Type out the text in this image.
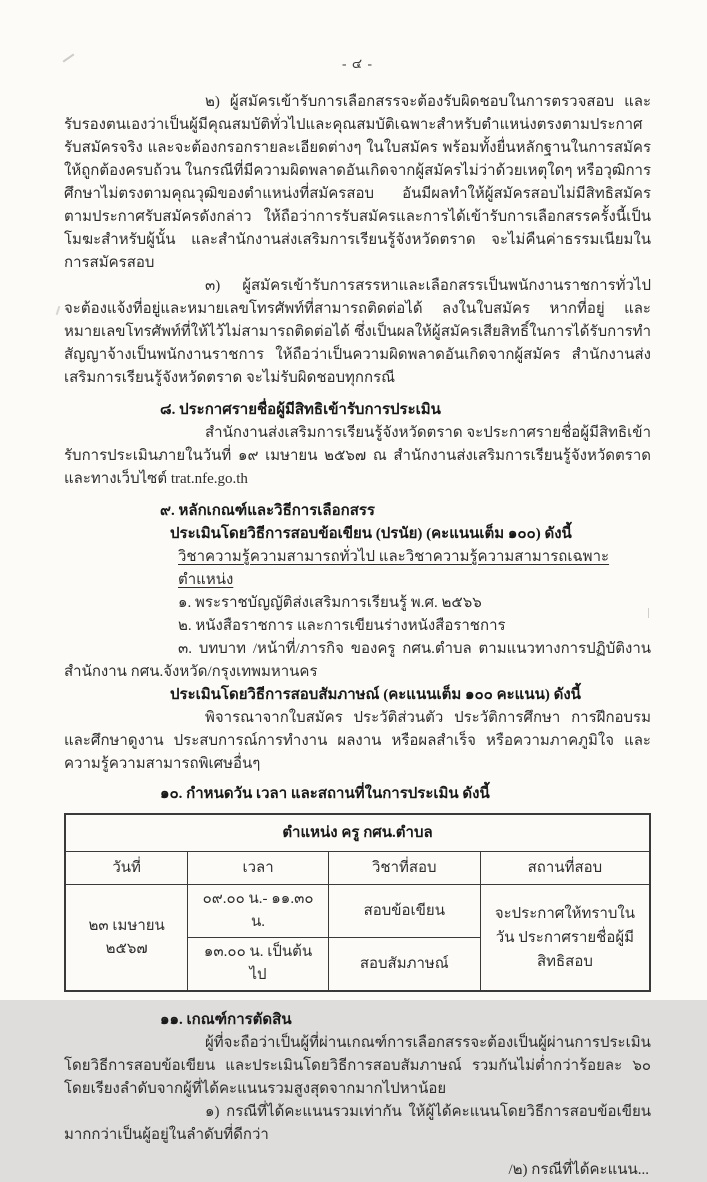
- ๔ -

๒) ผู้สมัครเข้ารับการเลือกสรรจะต้องรับผิดชอบในการตรวจสอบ และรับรองตนเองว่าเป็นผู้มีคุณสมบัติทั่วไปและคุณสมบัติเฉพาะสำหรับตำแหน่งตรงตามประกาศรับสมัครจริง และจะต้องกรอกรายละเอียดต่างๆ ในใบสมัคร พร้อมทั้งยื่นหลักฐานในการสมัครให้ถูกต้องครบถ้วน ในกรณีที่มีความผิดพลาดอันเกิดจากผู้สมัครไม่ว่าด้วยเหตุใดๆ หรือวุฒิการศึกษาไม่ตรงตามคุณวุฒิของตำแหน่งที่สมัครสอบ อันมีผลทำให้ผู้สมัครสอบไม่มีสิทธิสมัครตามประกาศรับสมัครดังกล่าว ให้ถือว่าการรับสมัครและการได้เข้ารับการเลือกสรรครั้งนี้เป็นโมฆะสำหรับผู้นั้น และสำนักงานส่งเสริมการเรียนรู้จังหวัดตราด จะไม่คืนค่าธรรมเนียมในการสมัครสอบ

๓) ผู้สมัครเข้ารับการสรรหาและเลือกสรรเป็นพนักงานราชการทั่วไป จะต้องแจ้งที่อยู่และหมายเลขโทรศัพท์ที่สามารถติดต่อได้ ลงในใบสมัคร หากที่อยู่ และหมายเลขโทรศัพท์ที่ให้ไว้ไม่สามารถติดต่อได้ ซึ่งเป็นผลให้ผู้สมัครเสียสิทธิ์ในการได้รับการทำสัญญาจ้างเป็นพนักงานราชการ ให้ถือว่าเป็นความผิดพลาดอันเกิดจากผู้สมัคร สำนักงานส่งเสริมการเรียนรู้จังหวัดตราด จะไม่รับผิดชอบทุกกรณี

๘. ประกาศรายชื่อผู้มีสิทธิเข้ารับการประเมิน

สำนักงานส่งเสริมการเรียนรู้จังหวัดตราด จะประกาศรายชื่อผู้มีสิทธิเข้ารับการประเมินภายในวันที่ ๑๙ เมษายน ๒๕๖๗ ณ สำนักงานส่งเสริมการเรียนรู้จังหวัดตราด และทางเว็บไซต์ trat.nfe.go.th

๙. หลักเกณฑ์และวิธีการเลือกสรร
ประเมินโดยวิธีการสอบข้อเขียน (ปรนัย) (คะแนนเต็ม ๑๐๐) ดังนี้
วิชาความรู้ความสามารถทั่วไป และวิชาความรู้ความสามารถเฉพาะตำแหน่ง

๑. พระราชบัญญัติส่งเสริมการเรียนรู้ พ.ศ. ๒๕๖๖

๒. หนังสือราชการ และการเขียนร่างหนังสือราชการ

๓. บทบาท /หน้าที่/ภารกิจ ของครู กศน.ตำบล ตามแนวทางการปฏิบัติงานสำนักงาน กศน.จังหวัด/กรุงเทพมหานคร

ประเมินโดยวิธีการสอบสัมภาษณ์ (คะแนนเต็ม ๑๐๐ คะแนน) ดังนี้

พิจารณาจากใบสมัคร ประวัติส่วนตัว ประวัติการศึกษา การฝึกอบรมและศึกษาดูงาน ประสบการณ์การทำงาน ผลงาน หรือผลสำเร็จ หรือความภาคภูมิใจ และความรู้ความสามารถพิเศษอื่นๆ

๑๐. กำหนดวัน เวลา และสถานที่ในการประเมิน ดังนี้
ตำแหน่ง ครู กศน.ตำบล			
วันที่	เวลา	วิชาที่สอบ	สถานที่สอบ
๒๓ เมษายน ๒๕๖๗	๐๙.๐๐ น.- ๑๑.๓๐ น.	สอบข้อเขียน	จะประกาศให้ทราบในวัน ประกาศรายชื่อผู้มีสิทธิสอบ
	๑๓.๐๐ น. เป็นต้นไป	สอบสัมภาษณ์	
๑๑. เกณฑ์การตัดสิน

ผู้ที่จะถือว่าเป็นผู้ที่ผ่านเกณฑ์การเลือกสรรจะต้องเป็นผู้ผ่านการประเมินโดยวิธีการสอบข้อเขียน และประเมินโดยวิธีการสอบสัมภาษณ์ รวมกันไม่ต่ำกว่าร้อยละ ๖๐ โดยเรียงลำดับจากผู้ที่ได้คะแนนรวมสูงสุดจากมากไปหาน้อย

๑) กรณีที่ได้คะแนนรวมเท่ากัน ให้ผู้ได้คะแนนโดยวิธีการสอบข้อเขียนมากกว่าเป็นผู้อยู่ในลำดับที่ดีกว่า

/๒) กรณีที่ได้คะแนน...
